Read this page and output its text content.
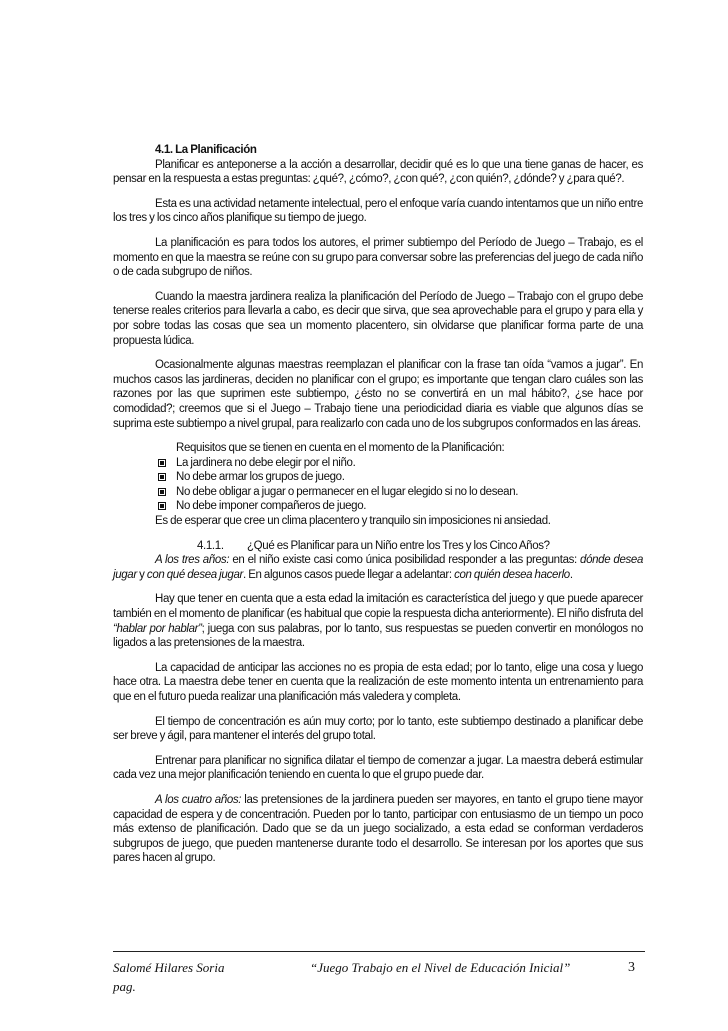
4.1. La Planificación

Planificar es anteponerse a la acción a desarrollar, decidir qué es lo que una tiene ganas de hacer, es pensar en la respuesta a estas preguntas: ¿qué?, ¿cómo?, ¿con qué?, ¿con quién?, ¿dónde? y ¿para qué?.

Esta es una actividad netamente intelectual, pero el enfoque varía cuando intentamos que un niño entre los tres y los cinco años planifique su tiempo de juego.

La planificación es para todos los autores, el primer subtiempo del Período de Juego – Trabajo, es el momento en que la maestra se reúne con su grupo para conversar sobre las preferencias del juego de cada niño o de cada subgrupo de niños.

Cuando la maestra jardinera realiza la planificación del Período de Juego – Trabajo con el grupo debe tenerse reales criterios para llevarla a cabo, es decir que sirva, que sea aprovechable para el grupo y para ella y por sobre todas las cosas que sea un momento placentero, sin olvidarse que planificar forma parte de una propuesta lúdica.

Ocasionalmente algunas maestras reemplazan el planificar con la frase tan oída “vamos a jugar”. En muchos casos las jardineras, deciden no planificar con el grupo; es importante que tengan claro cuáles son las razones por las que suprimen este subtiempo, ¿ésto no se convertirá en un mal hábito?, ¿se hace por comodidad?; creemos que si el Juego – Trabajo tiene una periodicidad diaria es viable que algunos días se suprima este subtiempo a nivel grupal, para realizarlo con cada uno de los subgrupos conformados en las áreas.

Requisitos que se tienen en cuenta en el momento de la Planificación:
La jardinera no debe elegir por el niño.
No debe armar los grupos de juego.
No debe obligar a jugar o permanecer en el lugar elegido si no lo desean.
No debe imponer compañeros de juego.
Es de esperar que cree un clima placentero y tranquilo sin imposiciones ni ansiedad.
4.1.1. ¿Qué es Planificar para un Niño entre los Tres y los Cinco Años?

A los tres años: en el niño existe casi como única posibilidad responder a las preguntas: dónde desea jugar y con qué desea jugar. En algunos casos puede llegar a adelantar: con quién desea hacerlo.

Hay que tener en cuenta que a esta edad la imitación es característica del juego y que puede aparecer también en el momento de planificar (es habitual que copie la respuesta dicha anteriormente). El niño disfruta del “hablar por hablar”; juega con sus palabras, por lo tanto, sus respuestas se pueden convertir en monólogos no ligados a las pretensiones de la maestra.

La capacidad de anticipar las acciones no es propia de esta edad; por lo tanto, elige una cosa y luego hace otra. La maestra debe tener en cuenta que la realización de este momento intenta un entrenamiento para que en el futuro pueda realizar una planificación más valedera y completa.

El tiempo de concentración es aún muy corto; por lo tanto, este subtiempo destinado a planificar debe ser breve y ágil, para mantener el interés del grupo total.

Entrenar para planificar no significa dilatar el tiempo de comenzar a jugar. La maestra deberá estimular cada vez una mejor planificación teniendo en cuenta lo que el grupo puede dar.

A los cuatro años: las pretensiones de la jardinera pueden ser mayores, en tanto el grupo tiene mayor capacidad de espera y de concentración. Pueden por lo tanto, participar con entusiasmo de un tiempo un poco más extenso de planificación. Dado que se da un juego socializado, a esta edad se conforman verdaderos subgrupos de juego, que pueden mantenerse durante todo el desarrollo. Se interesan por los aportes que sus pares hacen al grupo.

Salomé Hilares Soria
pag.
“Juego Trabajo en el Nivel de Educación Inicial”	3
